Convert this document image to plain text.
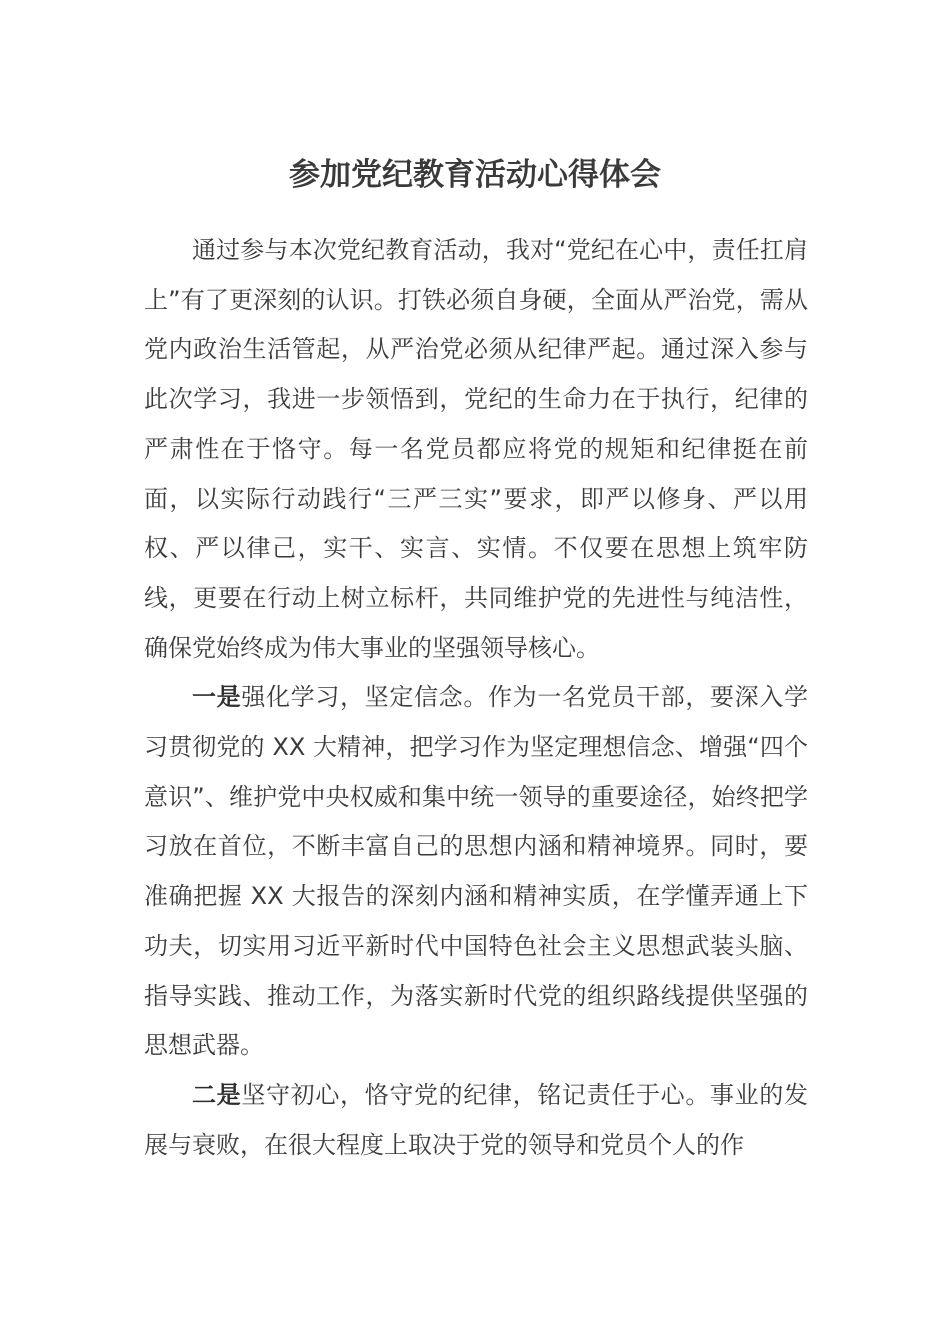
参加党纪教育活动心得体会

通过参与本次党纪教育活动，我对“党纪在心中，责任扛肩上”有了更深刻的认识。打铁必须自身硬，全面从严治党，需从党内政治生活管起，从严治党必须从纪律严起。通过深入参与此次学习，我进一步领悟到，党纪的生命力在于执行，纪律的严肃性在于恪守。每一名党员都应将党的规矩和纪律挺在前面，以实际行动践行“三严三实”要求，即严以修身、严以用权、严以律己，实干、实言、实情。不仅要在思想上筑牢防线，更要在行动上树立标杆，共同维护党的先进性与纯洁性，确保党始终成为伟大事业的坚强领导核心。

一是强化学习，坚定信念。作为一名党员干部，要深入学习贯彻党的 XX 大精神，把学习作为坚定理想信念、增强“四个意识”、维护党中央权威和集中统一领导的重要途径，始终把学习放在首位，不断丰富自己的思想内涵和精神境界。同时，要准确把握 XX 大报告的深刻内涵和精神实质，在学懂弄通上下功夫，切实用习近平新时代中国特色社会主义思想武装头脑、指导实践、推动工作，为落实新时代党的组织路线提供坚强的思想武器。

二是坚守初心，恪守党的纪律，铭记责任于心。事业的发展与衰败，在很大程度上取决于党的领导和党员个人的作
